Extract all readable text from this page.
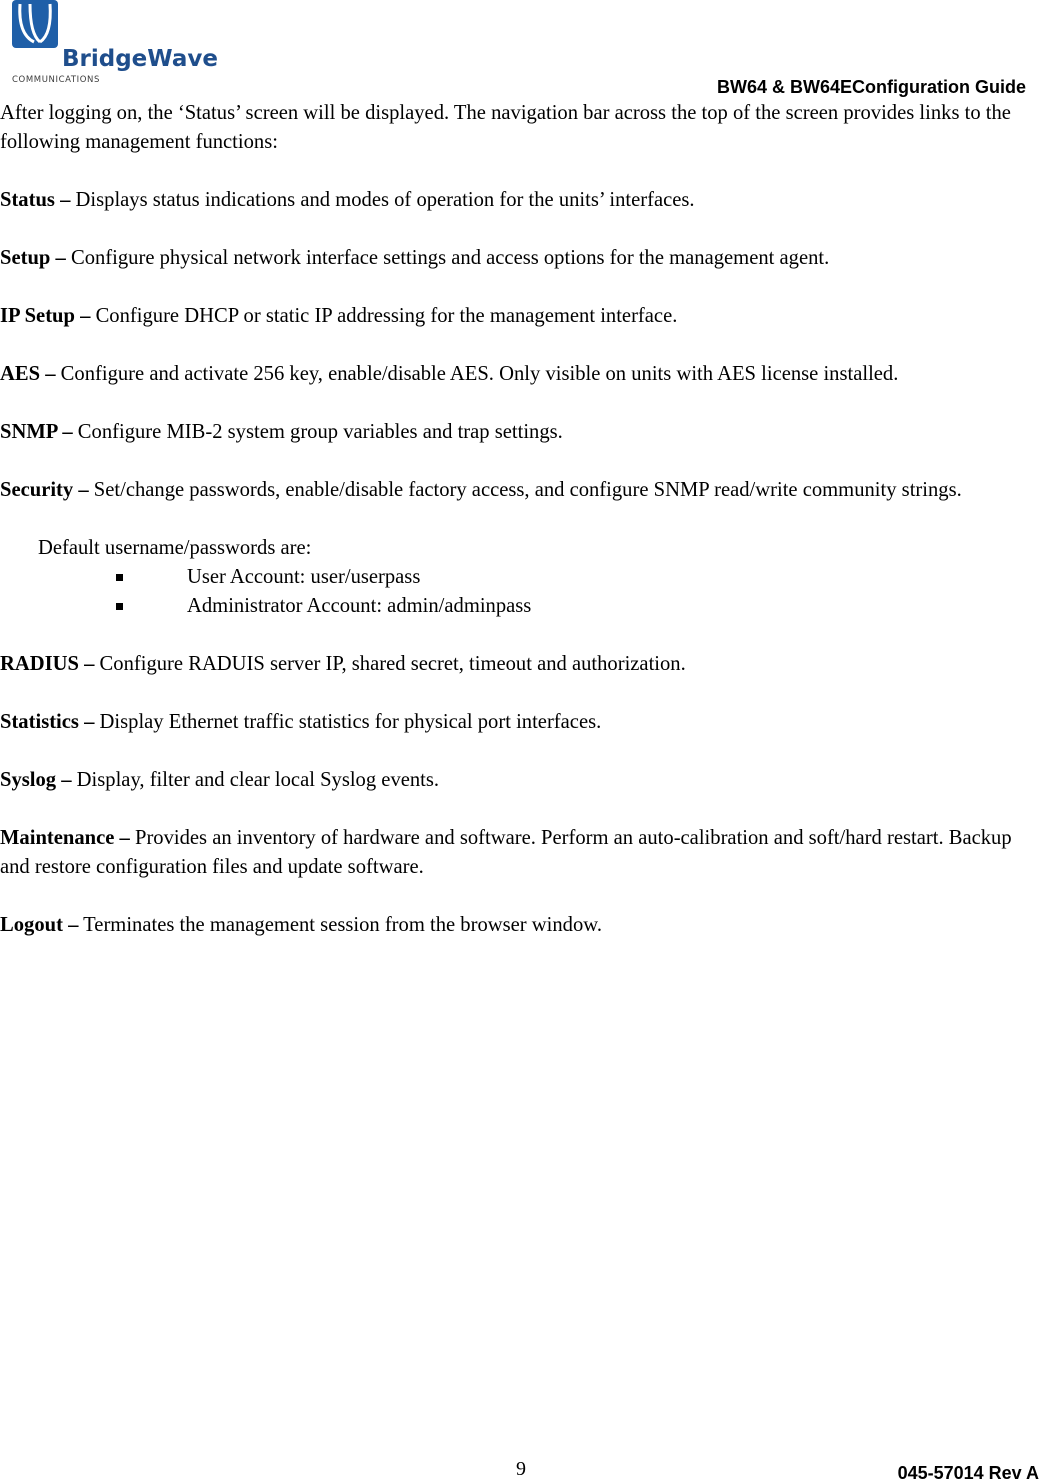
BridgeWave
COMMUNICATIONS	BW64 & BW64EConfiguration Guide

After logging on, the ‘Status’ screen will be displayed. The navigation bar across the top of the screen provides links to the following management functions:

Status – Displays status indications and modes of operation for the units’ interfaces.

Setup – Configure physical network interface settings and access options for the management agent.

IP Setup – Configure DHCP or static IP addressing for the management interface.

AES – Configure and activate 256 key, enable/disable AES. Only visible on units with AES license installed.

SNMP – Configure MIB-2 system group variables and trap settings.

Security – Set/change passwords, enable/disable factory access, and configure SNMP read/write community strings.

Default username/passwords are:

User Account: user/userpass
Administrator Account: admin/adminpass

RADIUS – Configure RADUIS server IP, shared secret, timeout and authorization.

Statistics – Display Ethernet traffic statistics for physical port interfaces.

Syslog – Display, filter and clear local Syslog events.

Maintenance – Provides an inventory of hardware and software. Perform an auto-calibration and soft/hard restart. Backup and restore configuration files and update software.

Logout – Terminates the management session from the browser window.

9	045-57014 Rev A
